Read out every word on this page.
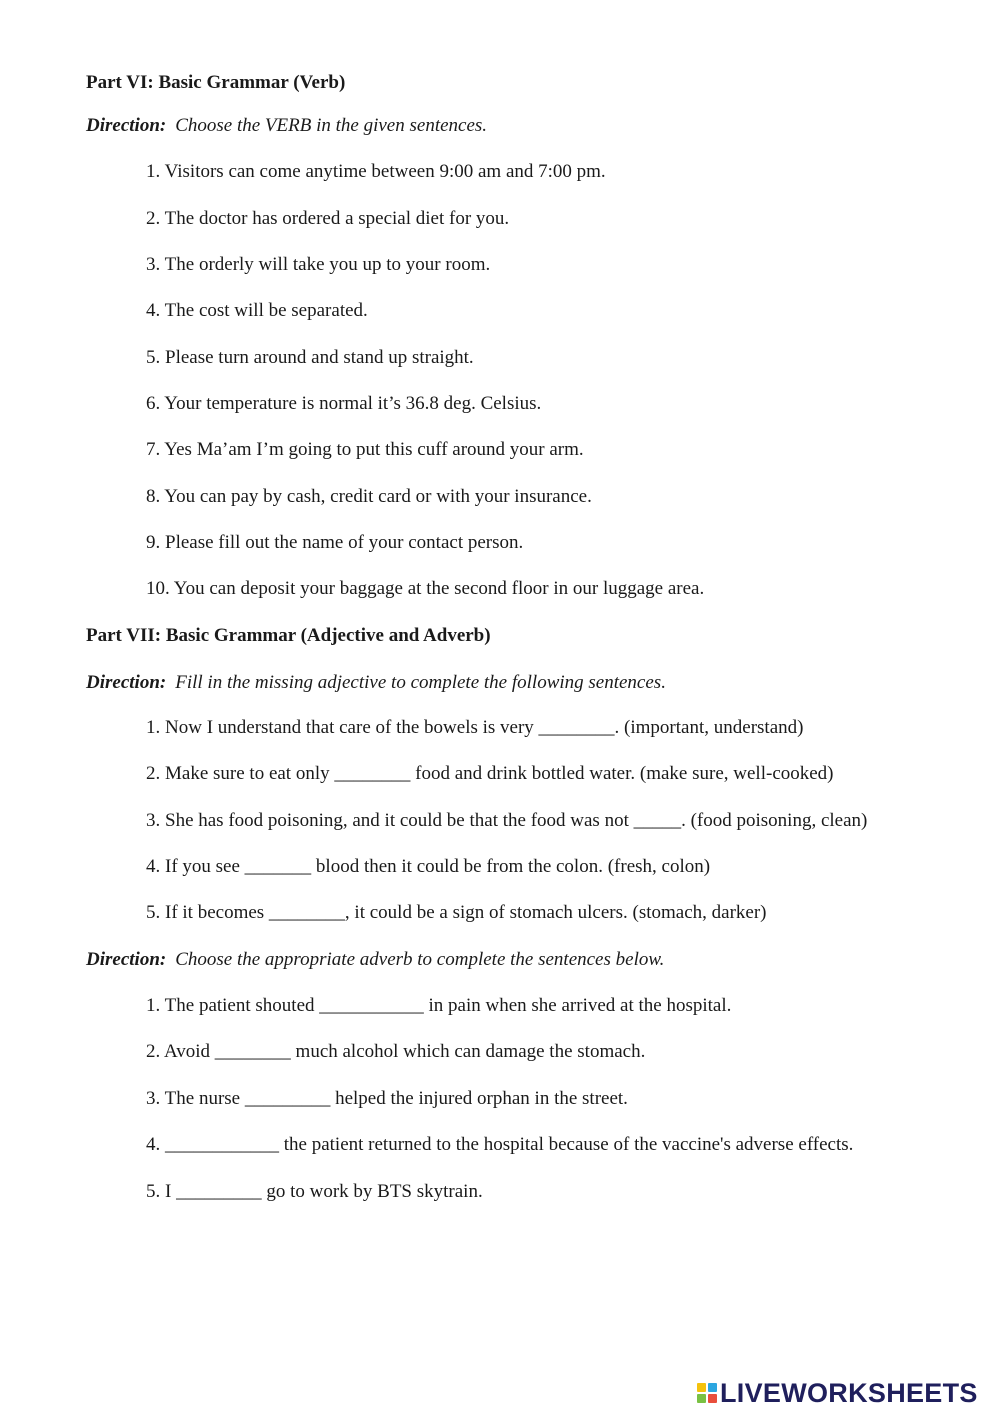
Part VI: Basic Grammar (Verb)
Direction: Choose the VERB in the given sentences.
1. Visitors can come anytime between 9:00 am and 7:00 pm.
2. The doctor has ordered a special diet for you.
3. The orderly will take you up to your room.
4. The cost will be separated.
5. Please turn around and stand up straight.
6. Your temperature is normal it’s 36.8 deg. Celsius.
7. Yes Ma’am I’m going to put this cuff around your arm.
8. You can pay by cash, credit card or with your insurance.
9. Please fill out the name of your contact person.
10. You can deposit your baggage at the second floor in our luggage area.
Part VII: Basic Grammar (Adjective and Adverb)
Direction: Fill in the missing adjective to complete the following sentences.
1. Now I understand that care of the bowels is very ________. (important, understand)
2. Make sure to eat only ________ food and drink bottled water. (make sure, well-cooked)
3. She has food poisoning, and it could be that the food was not _____. (food poisoning, clean)
4. If you see _______ blood then it could be from the colon. (fresh, colon)
5. If it becomes ________, it could be a sign of stomach ulcers. (stomach, darker)
Direction: Choose the appropriate adverb to complete the sentences below.
1. The patient shouted ___________ in pain when she arrived at the hospital.
2. Avoid ________ much alcohol which can damage the stomach.
3. The nurse _________ helped the injured orphan in the street.
4. ____________ the patient returned to the hospital because of the vaccine's adverse effects.
5. I _________ go to work by BTS skytrain.
LIVEWORKSHEETS
